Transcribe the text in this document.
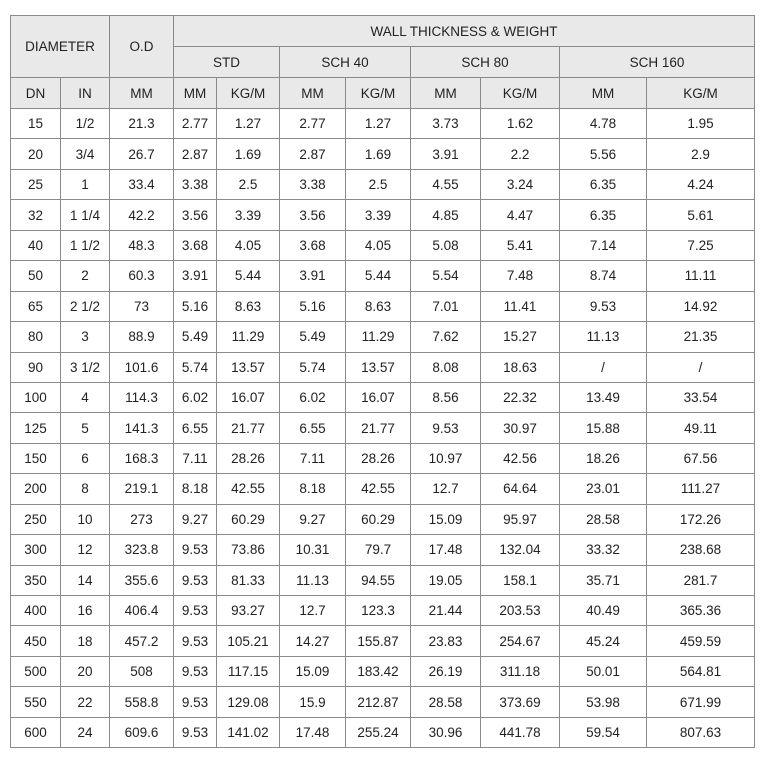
DIAMETER		O.D	WALL THICKNESS & WEIGHT							
			STD		SCH 40		SCH 80		SCH 160	
DN	IN	MM	MM	KG/M	MM	KG/M	MM	KG/M	MM	KG/M
15	1/2	21.3	2.77	1.27	2.77	1.27	3.73	1.62	4.78	1.95
20	3/4	26.7	2.87	1.69	2.87	1.69	3.91	2.2	5.56	2.9
25	1	33.4	3.38	2.5	3.38	2.5	4.55	3.24	6.35	4.24
32	1 1/4	42.2	3.56	3.39	3.56	3.39	4.85	4.47	6.35	5.61
40	1 1/2	48.3	3.68	4.05	3.68	4.05	5.08	5.41	7.14	7.25
50	2	60.3	3.91	5.44	3.91	5.44	5.54	7.48	8.74	11.11
65	2 1/2	73	5.16	8.63	5.16	8.63	7.01	11.41	9.53	14.92
80	3	88.9	5.49	11.29	5.49	11.29	7.62	15.27	11.13	21.35
90	3 1/2	101.6	5.74	13.57	5.74	13.57	8.08	18.63	/	/
100	4	114.3	6.02	16.07	6.02	16.07	8.56	22.32	13.49	33.54
125	5	141.3	6.55	21.77	6.55	21.77	9.53	30.97	15.88	49.11
150	6	168.3	7.11	28.26	7.11	28.26	10.97	42.56	18.26	67.56
200	8	219.1	8.18	42.55	8.18	42.55	12.7	64.64	23.01	111.27
250	10	273	9.27	60.29	9.27	60.29	15.09	95.97	28.58	172.26
300	12	323.8	9.53	73.86	10.31	79.7	17.48	132.04	33.32	238.68
350	14	355.6	9.53	81.33	11.13	94.55	19.05	158.1	35.71	281.7
400	16	406.4	9.53	93.27	12.7	123.3	21.44	203.53	40.49	365.36
450	18	457.2	9.53	105.21	14.27	155.87	23.83	254.67	45.24	459.59
500	20	508	9.53	117.15	15.09	183.42	26.19	311.18	50.01	564.81
550	22	558.8	9.53	129.08	15.9	212.87	28.58	373.69	53.98	671.99
600	24	609.6	9.53	141.02	17.48	255.24	30.96	441.78	59.54	807.63
